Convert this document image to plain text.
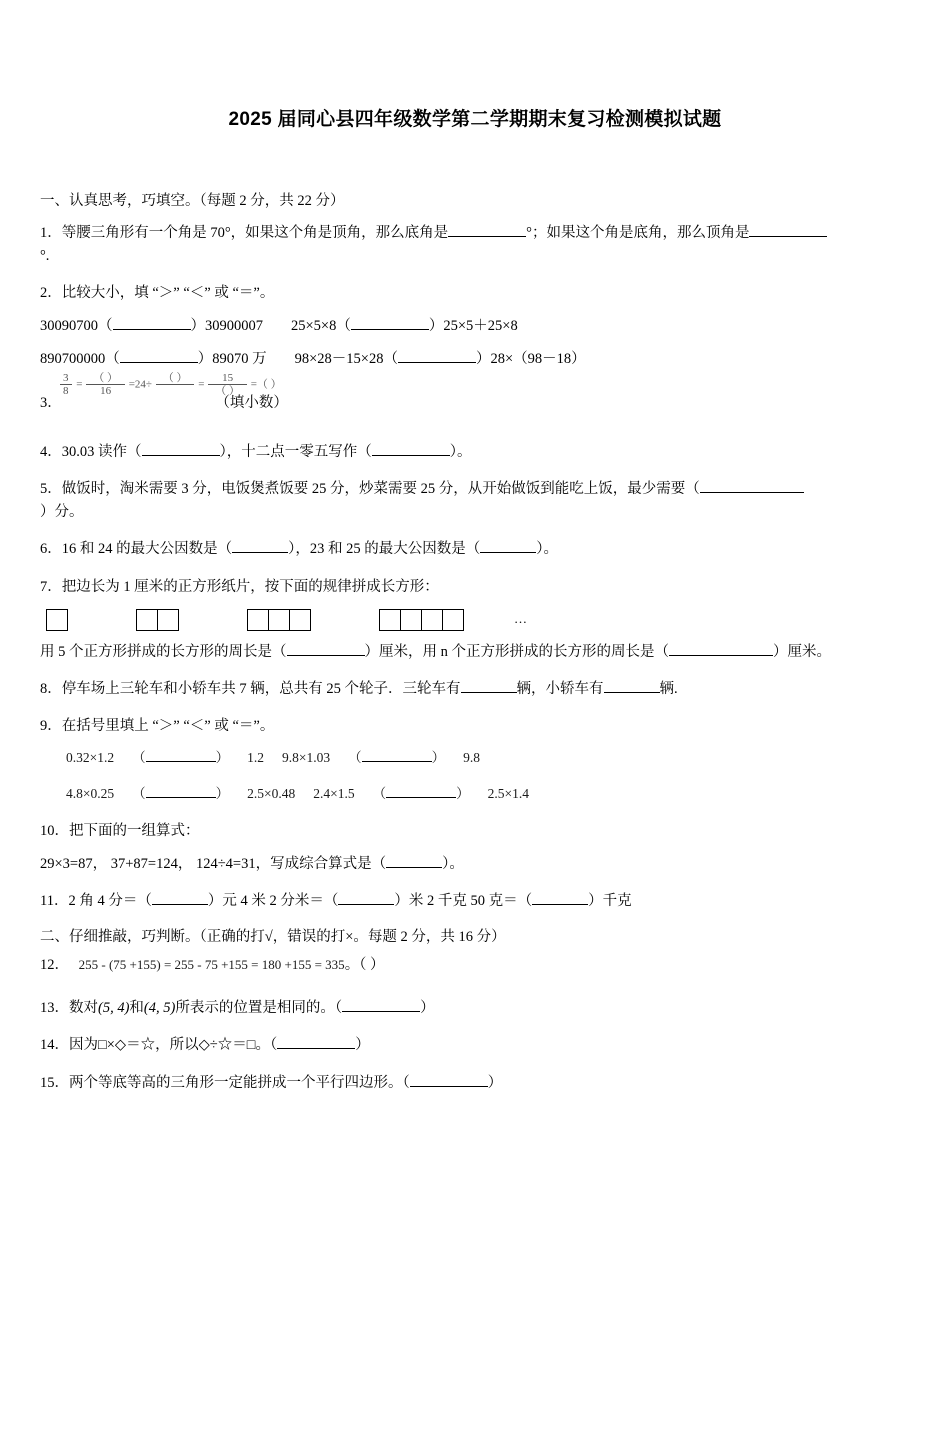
2025 届同心县四年级数学第二学期期末复习检测模拟试题
一、认真思考，巧填空。（每题 2 分，共 22 分）
1．等腰三角形有一个角是 70°，如果这个角是顶角，那么底角是	°；如果这个角是底角，那么顶角是
°.
2．比较大小，填 “＞” “＜” 或 “＝”。
30090700（	）30900007 25×5×8（	）25×5＋25×8
890700000（	）89070 万 98×28－15×28（	）28×（98－18）
$\frac{3}{8} = \frac{( )}{16} =24\div$
（ ）

= $\frac{15}{( )}$ =（ ）
3．	（填小数）
4．30.03 读作（	），十二点一零五写作（	）。
5．做饭时，淘米需要 3 分，电饭煲煮饭要 25 分，炒菜需要 25 分，从开始做饭到能吃上饭，最少需要（
）分。
6．16 和 24 的最大公因数是（	），23 和 25 的最大公因数是（	）。
7．把边长为 1 厘米的正方形纸片，按下面的规律拼成长方形：
…
用 5 个正方形拼成的长方形的周长是（	）厘米，用 n 个正方形拼成的长方形的周长是（	）厘米。
8．停车场上三轮车和小轿车共 7 辆，总共有 25 个轮子．三轮车有	辆，小轿车有	辆.
9．在括号里填上 “＞” “＜” 或 “＝”。
0.32×1.2 （	） 1.2 9.8×1.03 （	） 9.8
4.8×0.25 （	） 2.5×0.48 2.4×1.5 （	） 2.5×1.4
10．把下面的一组算式：
29×3=87， 37+87=124， 124÷4=31，写成综合算式是（	）。
11．2 角 4 分＝（	）元 4 米 2 分米＝（	）米 2 千克 50 克＝（	）千克
二、仔细推敲，巧判断。（正确的打√，错误的打×。每题 2 分，共 16 分）
12． 255 - (75 +155) = 255 - 75 +155 = 180 +155 = 335。（ ）
13．数对(5, 4)和(4, 5)所表示的位置是相同的。（	）
14．因为□×◇＝☆，所以◇÷☆＝□。（	）
15．两个等底等高的三角形一定能拼成一个平行四边形。（	）
